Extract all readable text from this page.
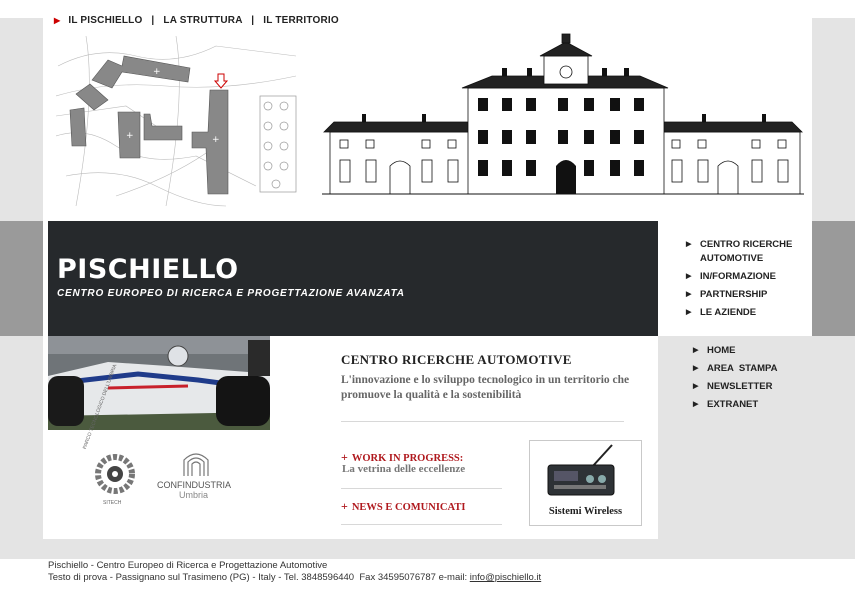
▶ IL PISCHIELLO | LA STRUTTURA | IL TERRITORIO
+
+	+
PISCHIELLO
CENTRO EUROPEO DI RICERCA E PROGETTAZIONE AVANZATA
▶ CENTRO RICERCHE AUTOMOTIVE
▶ IN/FORMAZIONE
▶ PARTNERSHIP
▶ LE AZIENDE
▶ HOME
▶ AREA  STAMPA
▶ NEWSLETTER
▶ EXTRANET
CENTRO RICERCHE AUTOMOTIVE
L'innovazione e lo sviluppo tecnologico in un territorio che promuove la qualità e la sostenibilità
+ WORK IN PROGRESS:
La vetrina delle eccellenze
+ NEWS E COMUNICATI	Sistemi Wireless
SITECH
CONFINDUSTRIA
Umbria
Pischiello - Centro Europeo di Ricerca e Progettazione Automotive
Testo di prova - Passignano sul Trasimeno (PG) - Italy - Tel. 3848596440  Fax 34595076787 e-mail: info@pischiello.it
